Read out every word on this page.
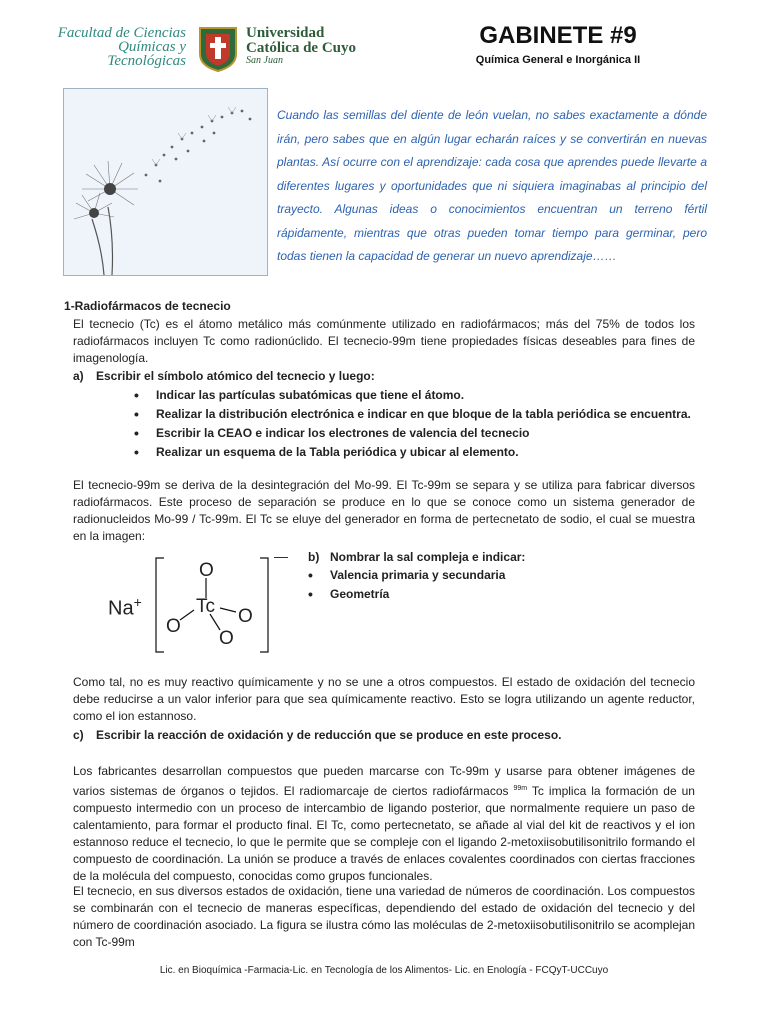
Facultad de Ciencias
Químicas y
Tecnológicas
Universidad
Católica de Cuyo
San Juan
GABINETE #9
Química General e Inorgánica II
Cuando las semillas del diente de león vuelan, no sabes exactamente a dónde irán, pero sabes que en algún lugar echarán raíces y se convertirán en nuevas plantas. Así ocurre con el aprendizaje: cada cosa que aprendes puede llevarte a diferentes lugares y oportunidades que ni siquiera imaginabas al principio del trayecto. Algunas ideas o conocimientos encuentran un terreno fértil rápidamente, mientras que otras pueden tomar tiempo para germinar, pero todas tienen la capacidad de generar un nuevo aprendizaje……
1-Radiofármacos de tecnecio
El tecnecio (Tc) es el átomo metálico más comúnmente utilizado en radiofármacos; más del 75% de todos los radiofármacos incluyen Tc como radionúclido. El tecnecio-99m tiene propiedades físicas deseables para fines de imagenología.
a) Escribir el símbolo atómico del tecnecio y luego:
• Indicar las partículas subatómicas que tiene el átomo.
• Realizar la distribución electrónica e indicar en que bloque de la tabla periódica se encuentra.
• Escribir la CEAO e indicar los electrones de valencia del tecnecio
• Realizar un esquema de la Tabla periódica y ubicar al elemento.
El tecnecio-99m se deriva de la desintegración del Mo-99. El Tc-99m se separa y se utiliza para fabricar diversos radiofármacos. Este proceso de separación se produce en lo que se conoce como un sistema generador de radionucleidos Mo-99 / Tc-99m. El Tc se eluye del generador en forma de pertecnetato de sodio, el cual se muestra en la imagen:
Na+
O
Tc
O	O
O
— b) Nombrar la sal compleja e indicar:
• Valencia primaria y secundaria
• Geometría
Como tal, no es muy reactivo químicamente y no se une a otros compuestos. El estado de oxidación del tecnecio debe reducirse a un valor inferior para que sea químicamente reactivo. Esto se logra utilizando un agente reductor, como el ion estannoso.
c) Escribir la reacción de oxidación y de reducción que se produce en este proceso.
Los fabricantes desarrollan compuestos que pueden marcarse con Tc-99m y usarse para obtener imágenes de varios sistemas de órganos o tejidos. El radiomarcaje de ciertos radiofármacos $^{99m}$ Tc implica la formación de un compuesto intermedio con un proceso de intercambio de ligando posterior, que normalmente requiere un paso de calentamiento, para formar el producto final. El Tc, como pertecnetato, se añade al vial del kit de reactivos y el ion estannoso reduce el tecnecio, lo que le permite que se compleje con el ligando 2-metoxiisobutilisonitrilo formando el compuesto de coordinación. La unión se produce a través de enlaces covalentes coordinados con ciertas fracciones de la molécula del compuesto, conocidas como grupos funcionales.
El tecnecio, en sus diversos estados de oxidación, tiene una variedad de números de coordinación. Los compuestos se combinarán con el tecnecio de maneras específicas, dependiendo del estado de oxidación del tecnecio y del número de coordinación asociado. La figura se ilustra cómo las moléculas de 2-metoxiisobutilisonitrilo se acomplejan con Tc-99m
Lic. en Bioquímica -Farmacia-Lic. en Tecnología de los Alimentos- Lic. en Enología - FCQyT-UCCuyo
